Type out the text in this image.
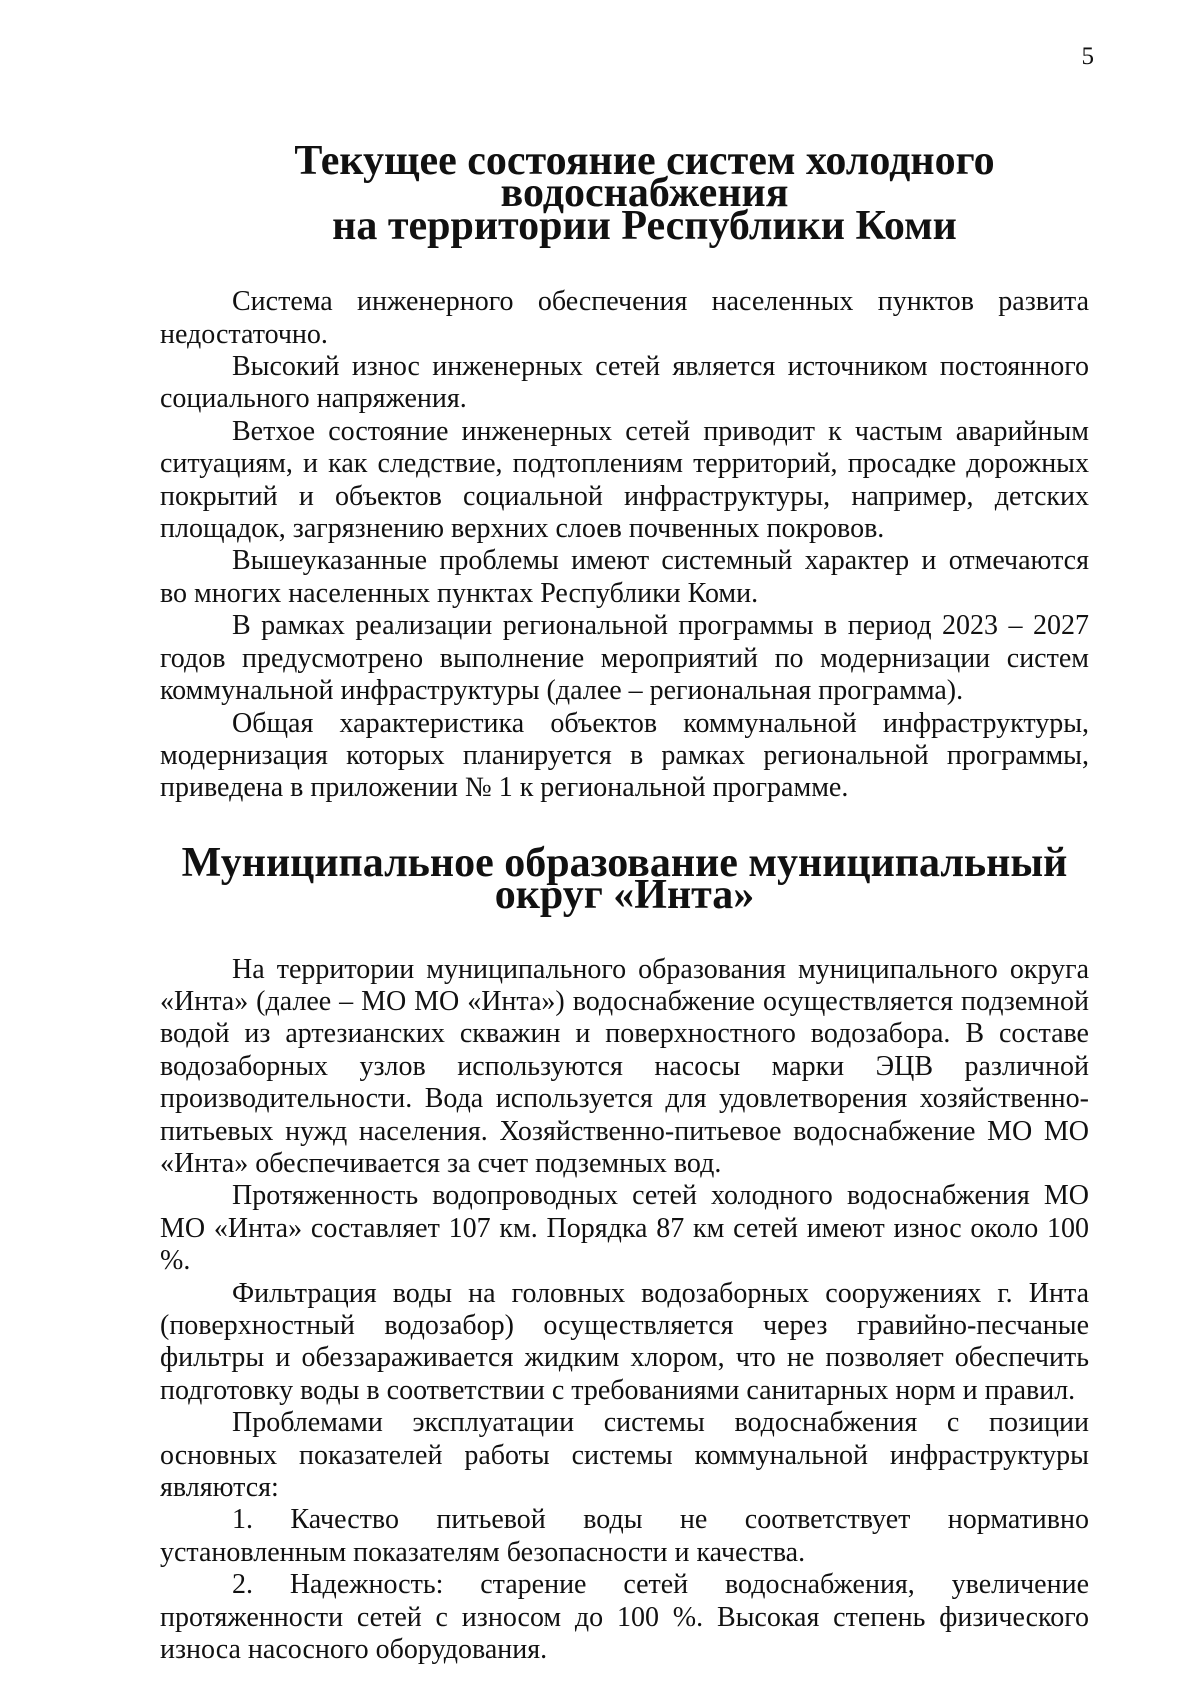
5
Текущее состояние систем холодного водоснабжения
на территории Республики Коми

Система инженерного обеспечения населенных пунктов развита недостаточно.

Высокий износ инженерных сетей является источником постоянного социального напряжения.

Ветхое состояние инженерных сетей приводит к частым аварийным ситуациям, и как следствие, подтоплениям территорий, просадке дорожных покрытий и объектов социальной инфраструктуры, например, детских площадок, загрязнению верхних слоев почвенных покровов.

Вышеуказанные проблемы имеют системный характер и отмечаются во многих населенных пунктах Республики Коми.

В рамках реализации региональной программы в период 2023 – 2027 годов предусмотрено выполнение мероприятий по модернизации систем коммунальной инфраструктуры (далее – региональная программа).

Общая характеристика объектов коммунальной инфраструктуры, модернизация которых планируется в рамках региональной программы, приведена в приложении № 1 к региональной программе.

Муниципальное образование муниципальный округ «Инта»

На территории муниципального образования муниципального округа «Инта» (далее – МО МО «Инта») водоснабжение осуществляется подземной водой из артезианских скважин и поверхностного водозабора. В составе водозаборных узлов используются насосы марки ЭЦВ различной производительности. Вода используется для удовлетворения хозяйственно-питьевых нужд населения. Хозяйственно-питьевое водоснабжение МО МО «Инта» обеспечивается за счет подземных вод.

Протяженность водопроводных сетей холодного водоснабжения МО МО «Инта» составляет 107 км. Порядка 87 км сетей имеют износ около 100 %.

Фильтрация воды на головных водозаборных сооружениях г. Инта (поверхностный водозабор) осуществляется через гравийно-песчаные фильтры и обеззараживается жидким хлором, что не позволяет обеспечить подготовку воды в соответствии с требованиями санитарных норм и правил.

Проблемами эксплуатации системы водоснабжения с позиции основных показателей работы системы коммунальной инфраструктуры являются:

1. Качество питьевой воды не соответствует нормативно установленным показателям безопасности и качества.

2. Надежность: старение сетей водоснабжения, увеличение протяженности сетей с износом до 100 %. Высокая степень физического износа насосного оборудования.
